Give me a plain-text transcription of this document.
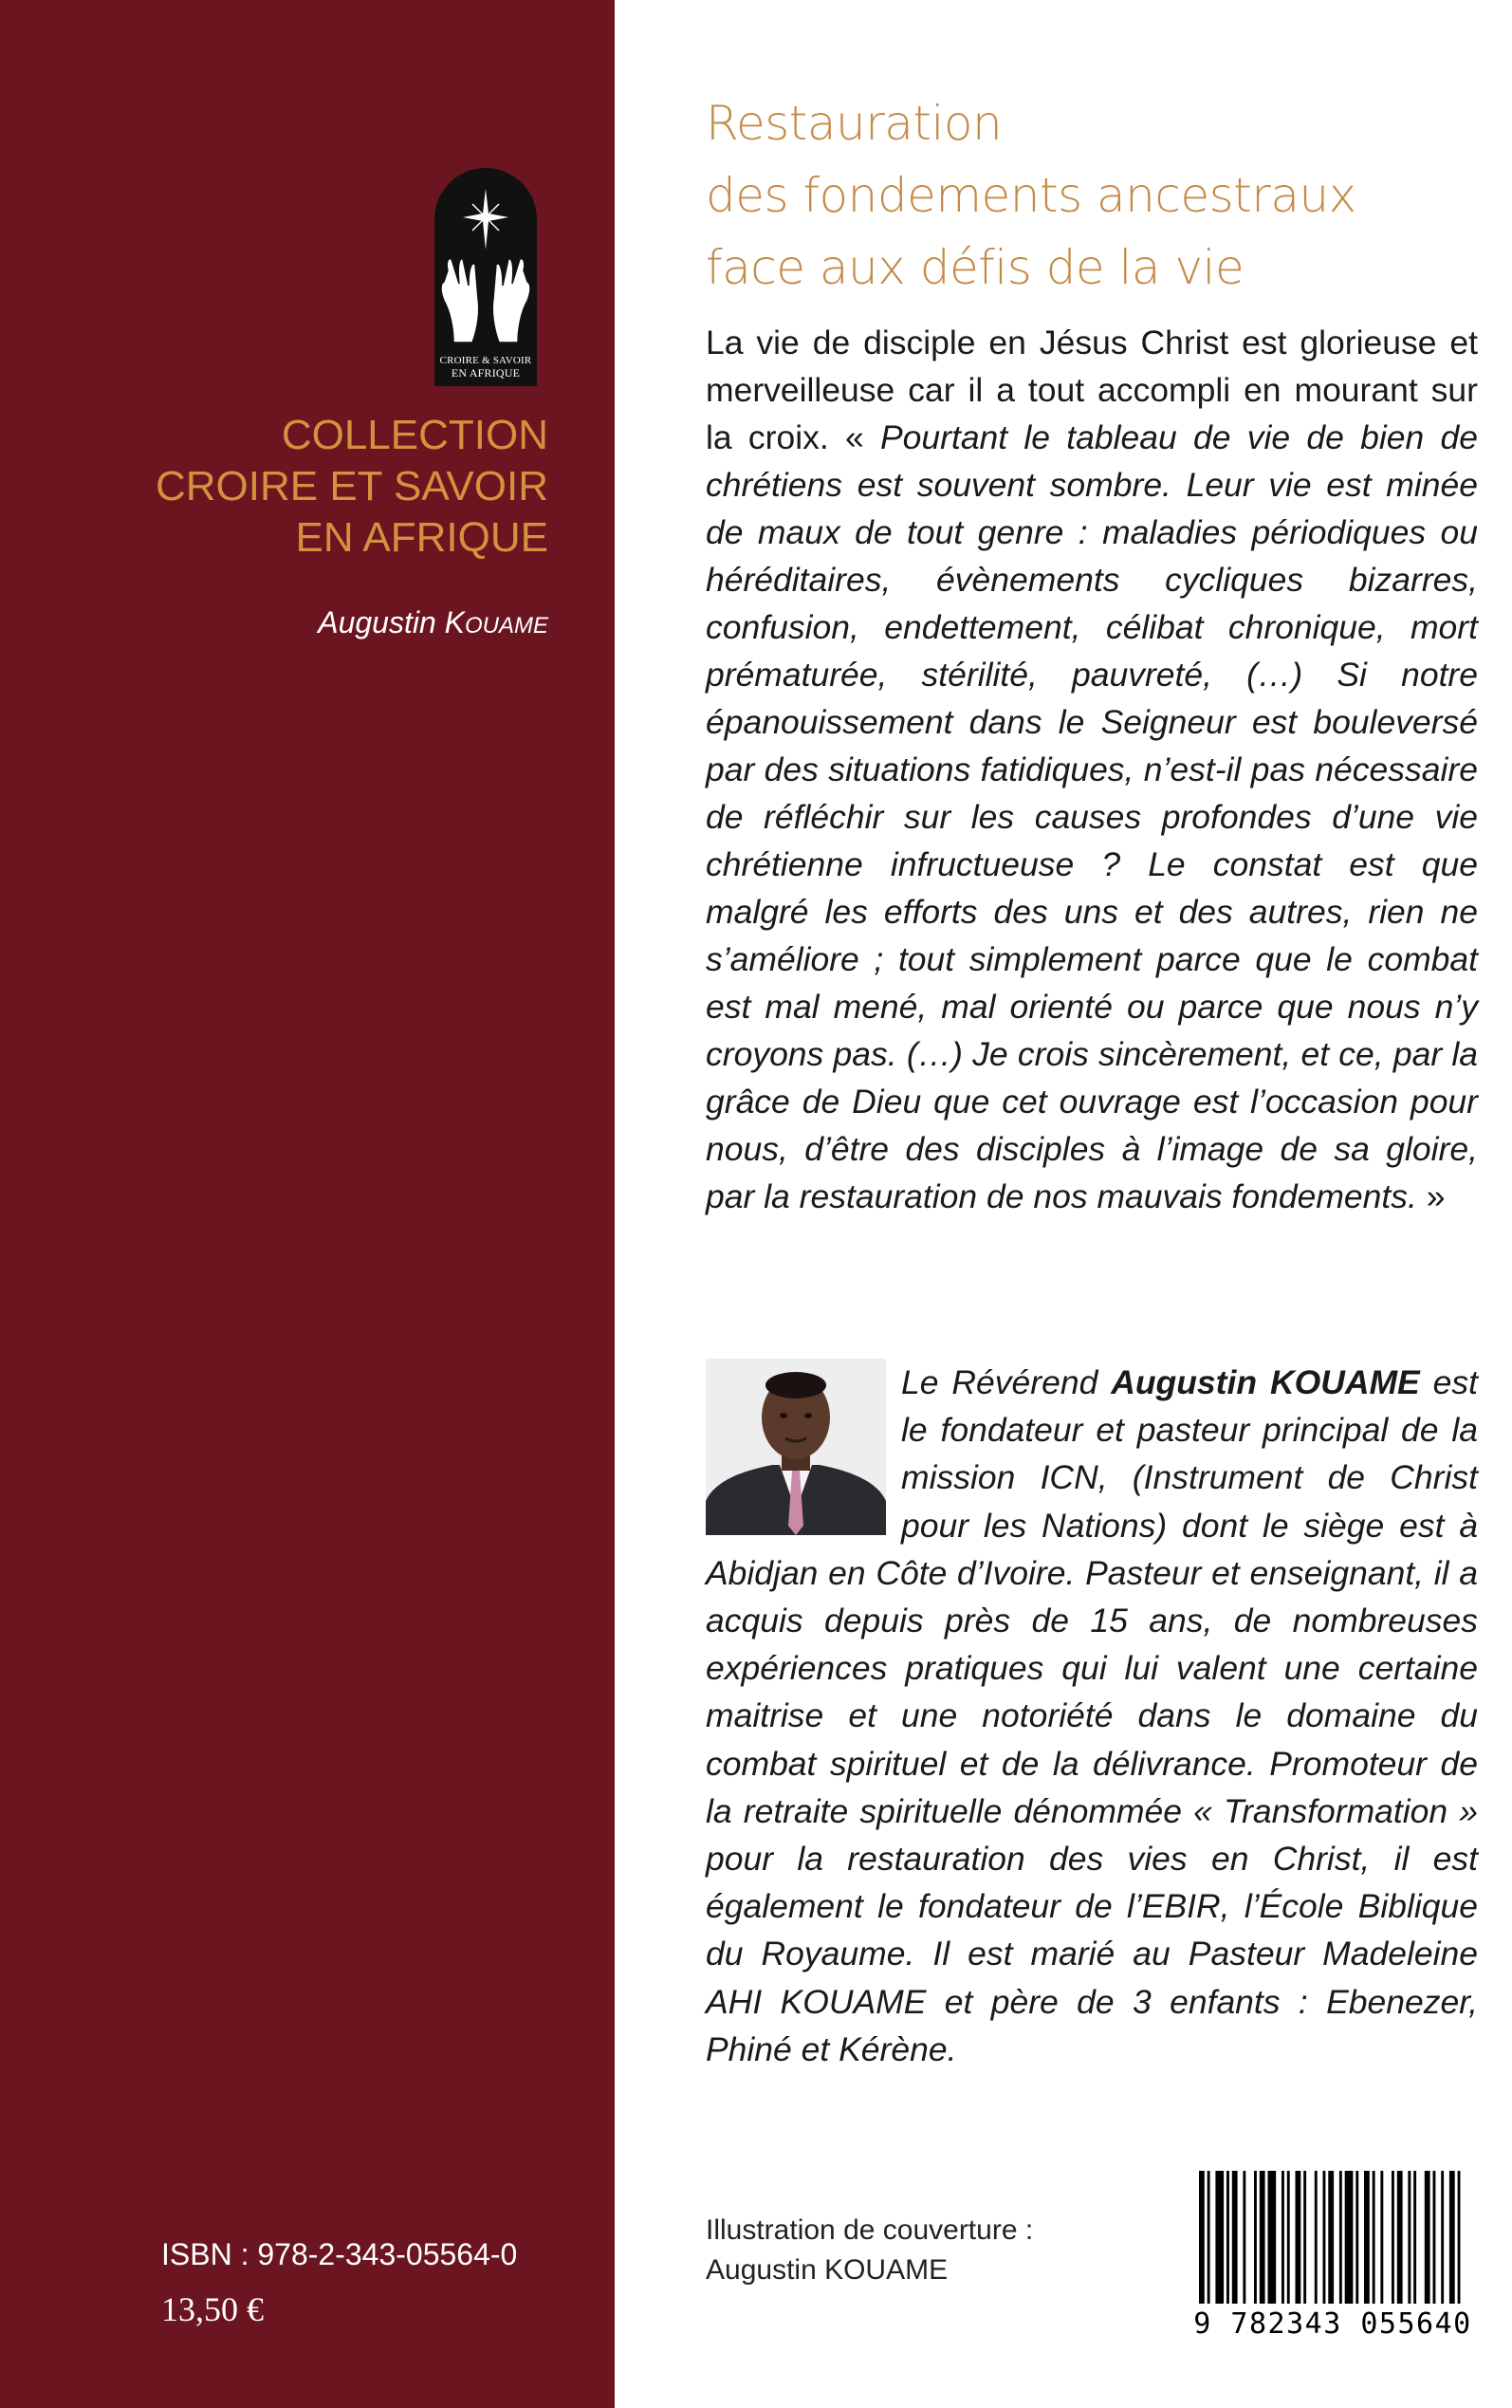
CROIRE & SAVOIR
EN AFRIQUE
COLLECTION
CROIRE ET SAVOIR
EN AFRIQUE
Augustin KOUAME
ISBN : 978-2-343-05564-0
13,50 €
Restauration
des fondements ancestraux
face aux défis de la vie
La vie de disciple en Jésus Christ est glorieuse et merveilleuse car il a tout accompli en mourant sur la croix. « Pourtant le tableau de vie de bien de chrétiens est souvent sombre. Leur vie est minée de maux de tout genre : maladies périodiques ou héréditaires, évènements cycliques bizarres, confusion, endettement, célibat chronique, mort prématurée, stérilité, pauvreté, (…) Si notre épanouissement dans le Seigneur est bouleversé par des situations fatidiques, n’est-il pas nécessaire de réfléchir sur les causes profondes d’une vie chrétienne infructueuse ? Le constat est que malgré les efforts des uns et des autres, rien ne s’améliore ; tout simplement parce que le combat est mal mené, mal orienté ou parce que nous n’y croyons pas. (…) Je crois sincèrement, et ce, par la grâce de Dieu que cet ouvrage est l’occasion pour nous, d’être des disciples à l’image de sa gloire, par la restauration de nos mauvais fondements. »
Le Révérend Augustin KOUAME est le fondateur et pasteur principal de la mission ICN, (Instrument de Christ pour les Nations) dont le siège est à Abidjan en Côte d’Ivoire. Pasteur et enseignant, il a acquis depuis près de 15 ans, de nombreuses expériences pratiques qui lui valent une certaine maitrise et une notoriété dans le domaine du combat spirituel et de la délivrance. Promoteur de la retraite spirituelle dénommée « Transformation » pour la restauration des vies en Christ, il est également le fondateur de l’EBIR, l’École Biblique du Royaume. Il est marié au Pasteur Madeleine AHI KOUAME et père de 3 enfants : Ebenezer, Phiné et Kérène.
Illustration de couverture :
Augustin KOUAME
9 782343 055640
